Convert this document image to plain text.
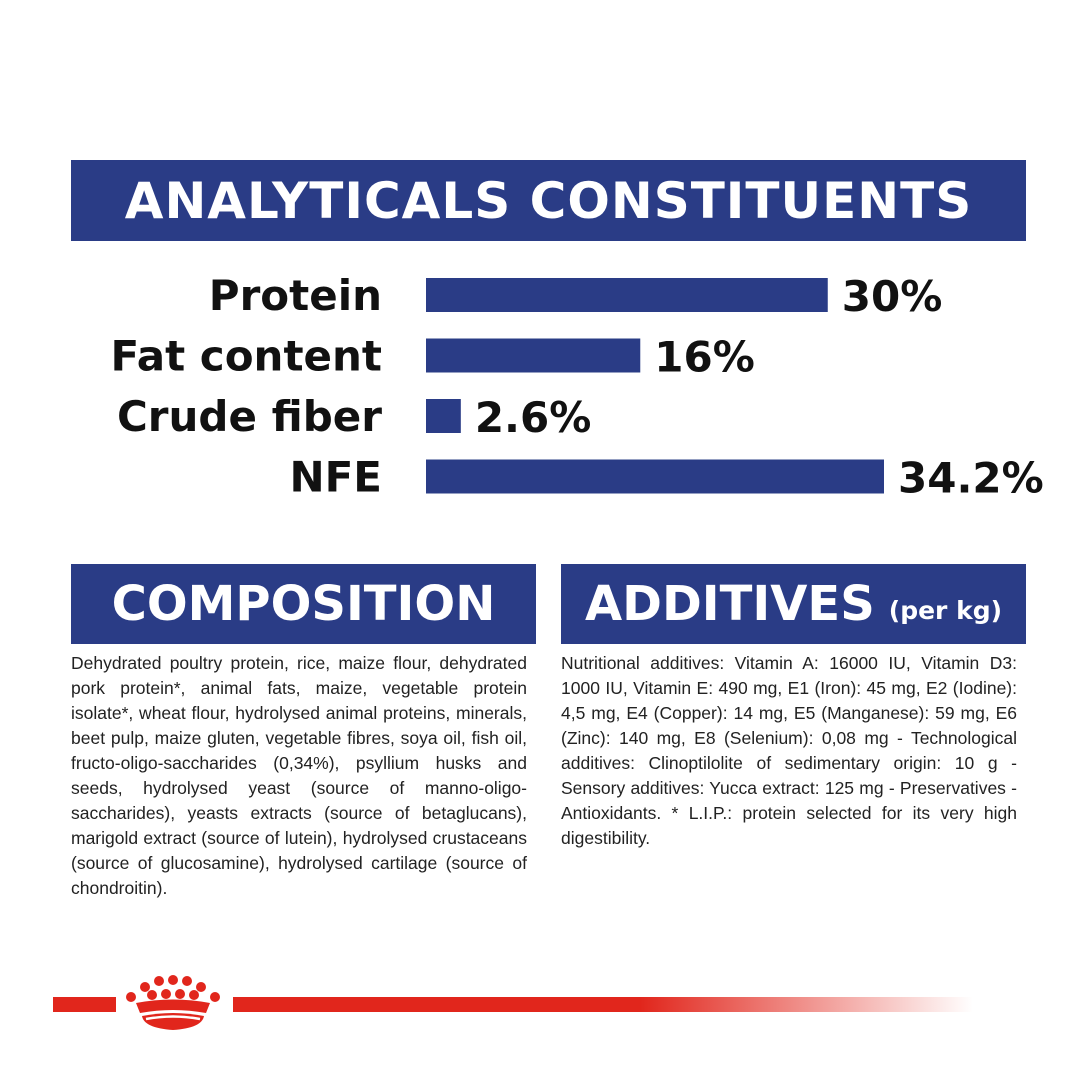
ANALYTICALS CONSTITUENTS
Protein	30%
Fat content	16%
Crude fiber 2.6%
NFE	34.2%
COMPOSITION ADDITIVES (per kg)

Dehydrated poultry protein, rice, maize flour, dehydrated pork protein*, animal fats, maize, vegetable protein isolate*, wheat flour, hydrolysed animal proteins, minerals, beet pulp, maize gluten, vegetable fibres, soya oil, fish oil, fructo-oligo-saccharides (0,34%), psyllium husks and seeds, hydrolysed yeast (source of manno-oligo-saccharides), yeasts extracts (source of betaglucans), marigold extract (source of lutein), hydrolysed crustaceans (source of glucosamine), hydrolysed cartilage (source of chondroitin).

Nutritional additives: Vitamin A: 16000 IU, Vitamin D3: 1000 IU, Vitamin E: 490 mg, E1 (Iron): 45 mg, E2 (Iodine): 4,5 mg, E4 (Copper): 14 mg, E5 (Manganese): 59 mg, E6 (Zinc): 140 mg, E8 (Selenium): 0,08 mg - Technological additives: Clinoptilolite of sedimentary origin: 10 g - Sensory additives: Yucca extract: 125 mg - Preservatives - Antioxidants. * L.I.P.: protein selected for its very high digestibility.
